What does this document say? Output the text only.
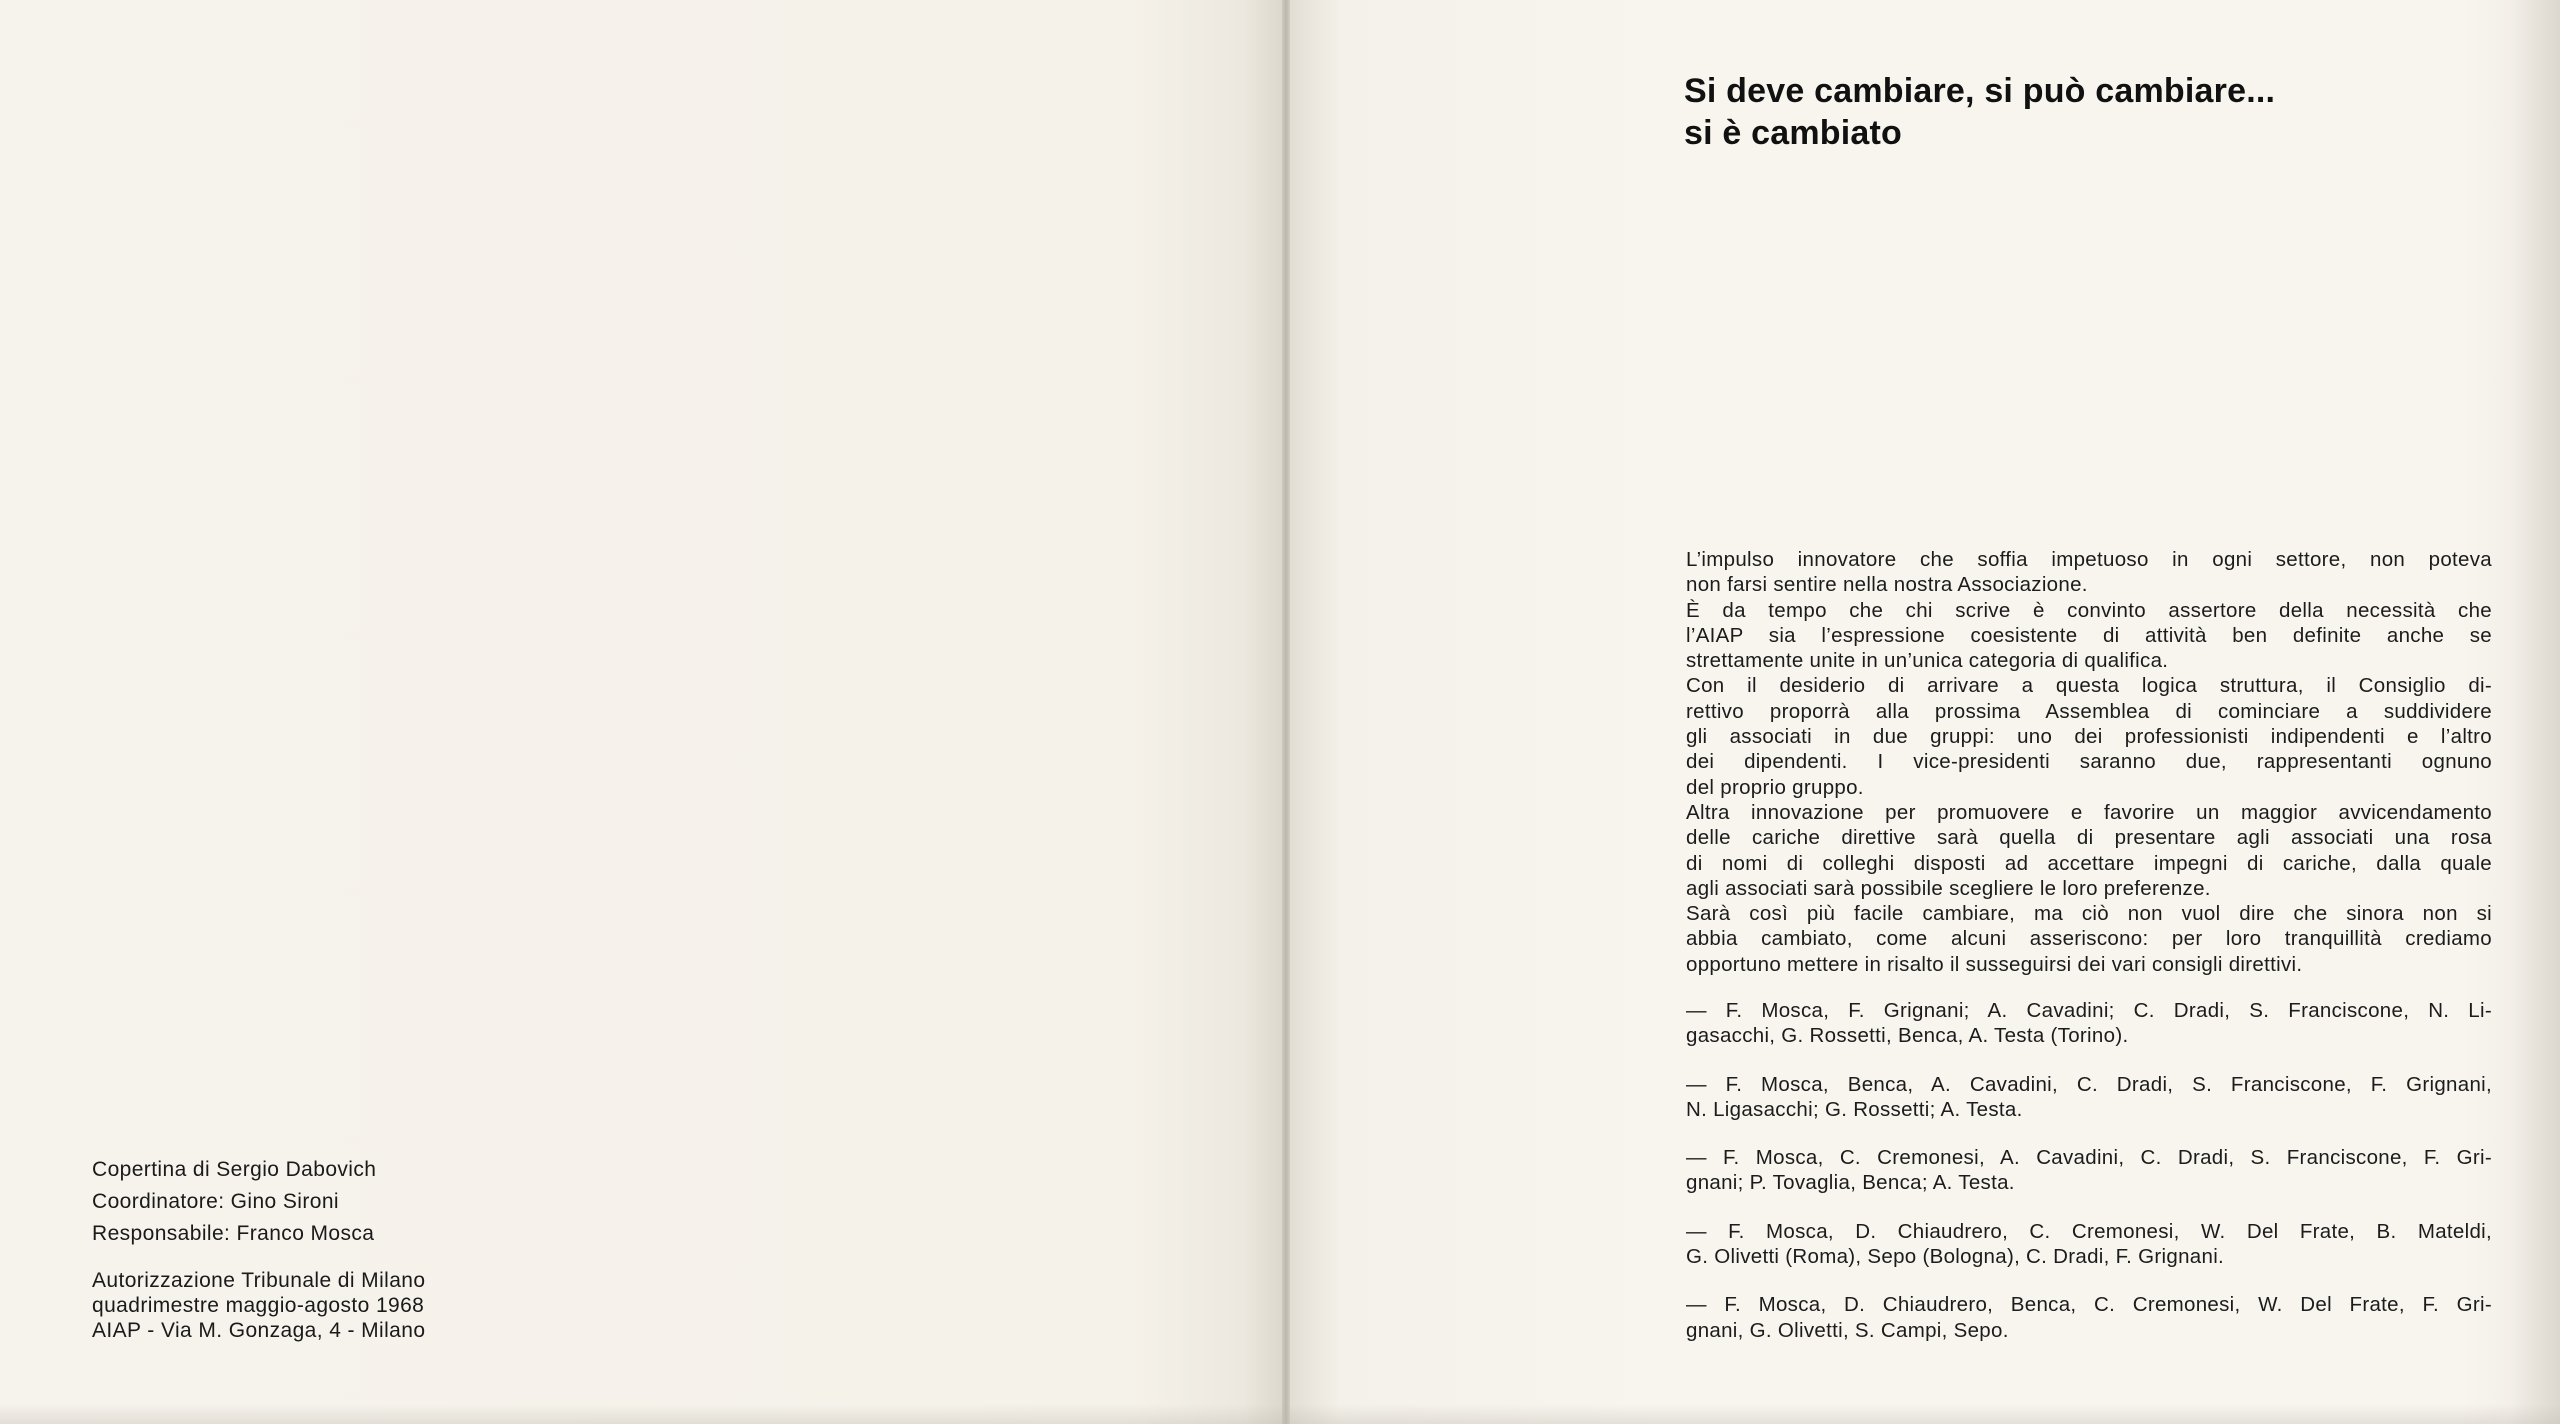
Copertina di Sergio Dabovich
Coordinatore: Gino Sironi
Responsabile: Franco Mosca
Autorizzazione Tribunale di Milano
quadrimestre maggio-agosto 1968
AIAP - Via M. Gonzaga, 4 - Milano
Si deve cambiare, si può cambiare...
si è cambiato
L’impulso innovatore che soffia impetuoso in ogni settore, non poteva
non farsi sentire nella nostra Associazione.
È da tempo che chi scrive è convinto assertore della necessità che
l’AIAP sia l’espressione coesistente di attività ben definite anche se
strettamente unite in un’unica categoria di qualifica.
Con il desiderio di arrivare a questa logica struttura, il Consiglio di-
rettivo proporrà alla prossima Assemblea di cominciare a suddividere
gli associati in due gruppi: uno dei professionisti indipendenti e l’altro
dei dipendenti. I vice-presidenti saranno due, rappresentanti ognuno
del proprio gruppo.
Altra innovazione per promuovere e favorire un maggior avvicendamento
delle cariche direttive sarà quella di presentare agli associati una rosa
di nomi di colleghi disposti ad accettare impegni di cariche, dalla quale
agli associati sarà possibile scegliere le loro preferenze.
Sarà così più facile cambiare, ma ciò non vuol dire che sinora non si
abbia cambiato, come alcuni asseriscono: per loro tranquillità crediamo
opportuno mettere in risalto il susseguirsi dei vari consigli direttivi.
— F. Mosca, F. Grignani; A. Cavadini; C. Dradi, S. Franciscone, N. Li-
gasacchi, G. Rossetti, Benca, A. Testa (Torino).
— F. Mosca, Benca, A. Cavadini, C. Dradi, S. Franciscone, F. Grignani,
N. Ligasacchi; G. Rossetti; A. Testa.
— F. Mosca, C. Cremonesi, A. Cavadini, C. Dradi, S. Franciscone, F. Gri-
gnani; P. Tovaglia, Benca; A. Testa.
— F. Mosca, D. Chiaudrero, C. Cremonesi, W. Del Frate, B. Mateldi,
G. Olivetti (Roma), Sepo (Bologna), C. Dradi, F. Grignani.
— F. Mosca, D. Chiaudrero, Benca, C. Cremonesi, W. Del Frate, F. Gri-
gnani, G. Olivetti, S. Campi, Sepo.
